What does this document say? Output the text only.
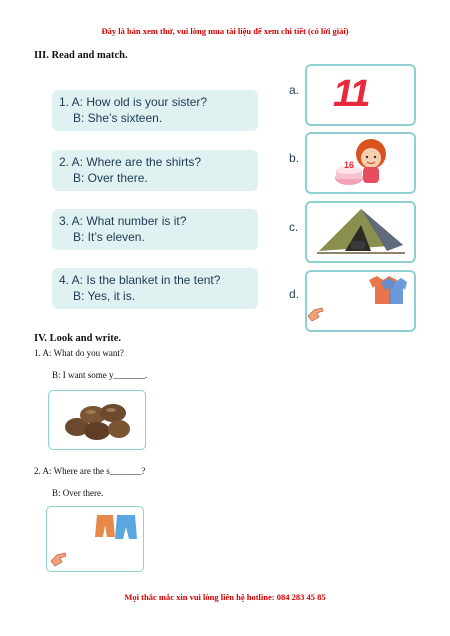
Đây là bản xem thử, vui lòng mua tài liệu để xem chi tiết (có lời giải)
III. Read and match.
1. A: How old is your sister?
B: She’s sixteen.
2. A: Where are the shirts?
B: Over there.
3. A: What number is it?
B: It’s eleven.
4. A: Is the blanket in the tent?
B: Yes, it is.
a.
b.
c.
d.
11
16
IV. Look and write.
1. A: What do you want?
B: I want some y_______.
2. A: Where are the s_______?
B: Over there.
Mọi thắc mắc xin vui lòng liên hệ hotline: 084 283 45 85
